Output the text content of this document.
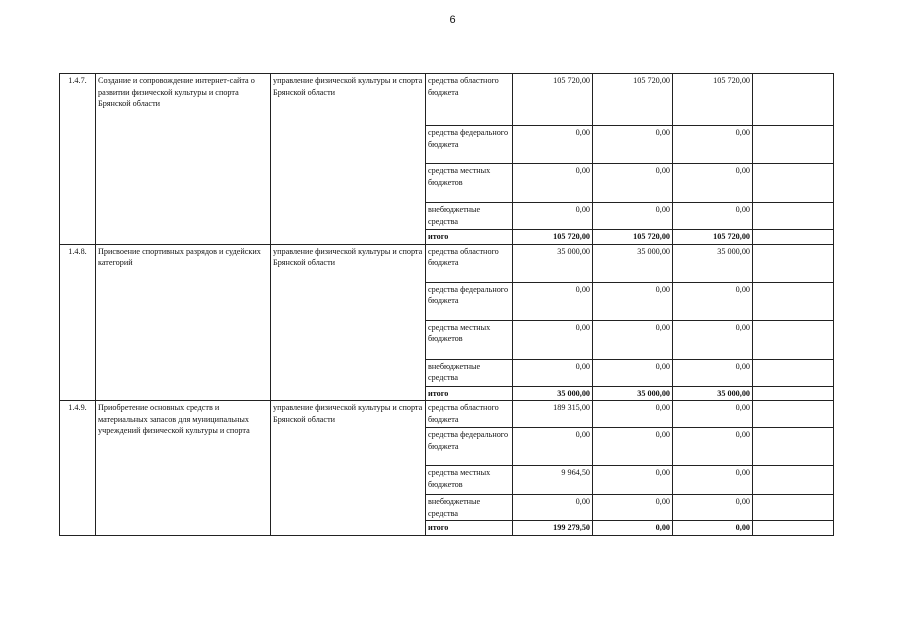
6
1.4.7.	Создание и сопровождение интернет-сайта о развитии физической культуры и спорта Брянской области	управление физической культуры и спорта Брянской области	средства областного бюджета	105 720,00	105 720,00	105 720,00	
			средства федерального бюджета	0,00	0,00	0,00	
			средства местных бюджетов	0,00	0,00	0,00	
			внебюджетные средства	0,00	0,00	0,00	
			итого	105 720,00	105 720,00	105 720,00	
1.4.8.	Присвоение спортивных разрядов и судейских категорий	управление физической культуры и спорта Брянской области	средства областного бюджета	35 000,00	35 000,00	35 000,00	
			средства федерального бюджета	0,00	0,00	0,00	
			средства местных бюджетов	0,00	0,00	0,00	
			внебюджетные средства	0,00	0,00	0,00	
			итого	35 000,00	35 000,00	35 000,00	
1.4.9.	Приобретение основных средств и материальных запасов для муниципальных учреждений физической культуры и спорта	управление физической культуры и спорта Брянской области	средства областного бюджета	189 315,00	0,00	0,00	
			средства федерального бюджета	0,00	0,00	0,00	
			средства местных бюджетов	9 964,50	0,00	0,00	
			внебюджетные средства	0,00	0,00	0,00	
			итого	199 279,50	0,00	0,00	
